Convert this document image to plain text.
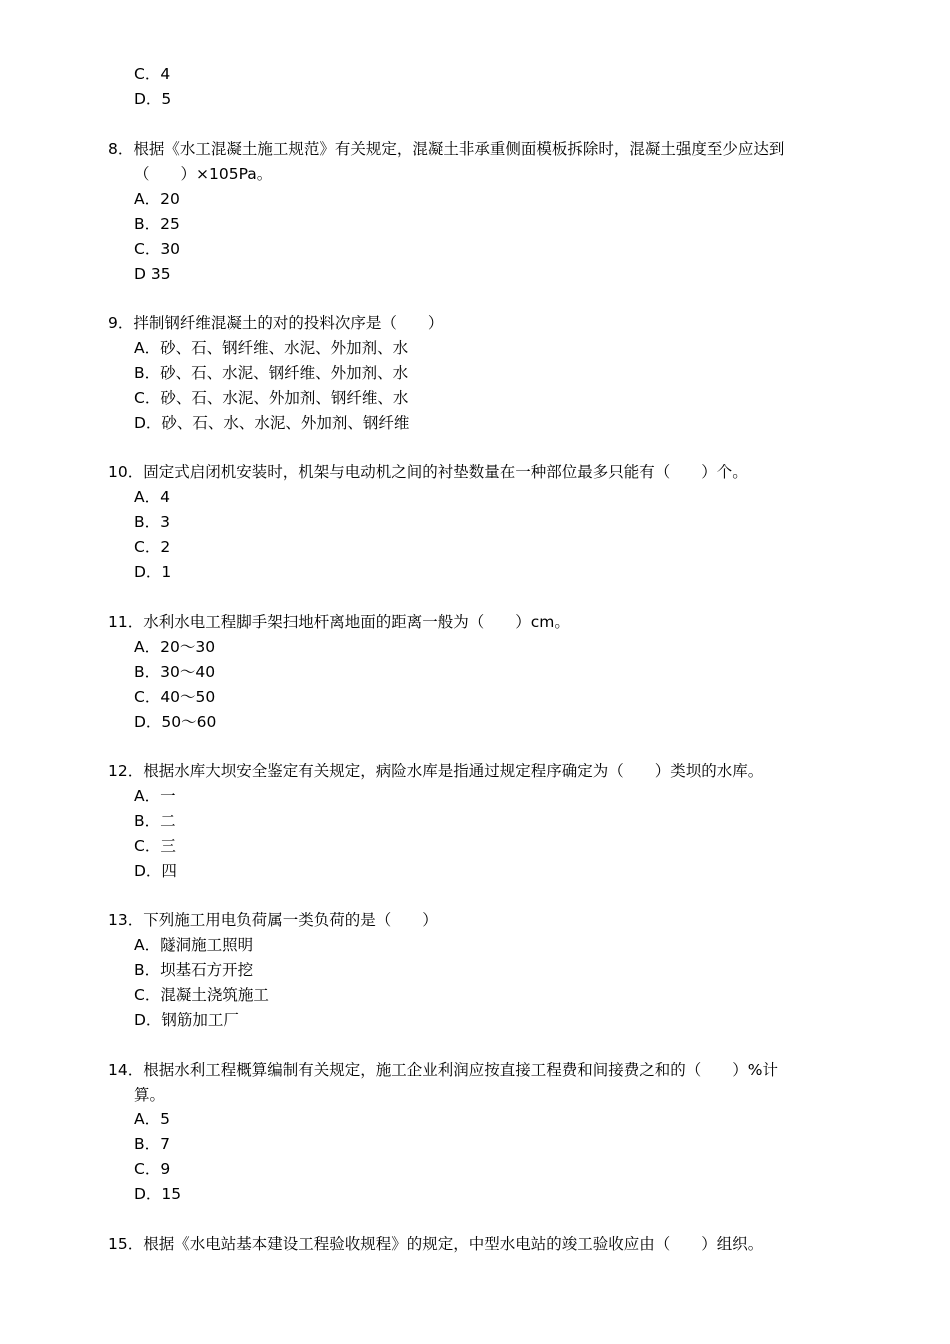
C．4
D．5
8．根据《水工混凝土施工规范》有关规定，混凝土非承重侧面模板拆除时，混凝土强度至少应达到
（　　）×105Pa。
A．20
B．25
C．30
D 35
9．拌制钢纤维混凝土的对的投料次序是（　　）
A．砂、石、钢纤维、水泥、外加剂、水
B．砂、石、水泥、钢纤维、外加剂、水
C．砂、石、水泥、外加剂、钢纤维、水
D．砂、石、水、水泥、外加剂、钢纤维
10．固定式启闭机安装时，机架与电动机之间的衬垫数量在一种部位最多只能有（　　）个。
A．4
B．3
C．2
D．1
11．水利水电工程脚手架扫地杆离地面的距离一般为（　　）cm。
A．20～30
B．30～40
C．40～50
D．50～60
12．根据水库大坝安全鉴定有关规定，病险水库是指通过规定程序确定为（　　）类坝的水库。
A．一
B．二
C．三
D．四
13．下列施工用电负荷属一类负荷的是（　　）
A．隧洞施工照明
B．坝基石方开挖
C．混凝土浇筑施工
D．钢筋加工厂
14．根据水利工程概算编制有关规定，施工企业利润应按直接工程费和间接费之和的（　　）%计
算。
A．5
B．7
C．9
D．15
15．根据《水电站基本建设工程验收规程》的规定，中型水电站的竣工验收应由（　　）组织。
